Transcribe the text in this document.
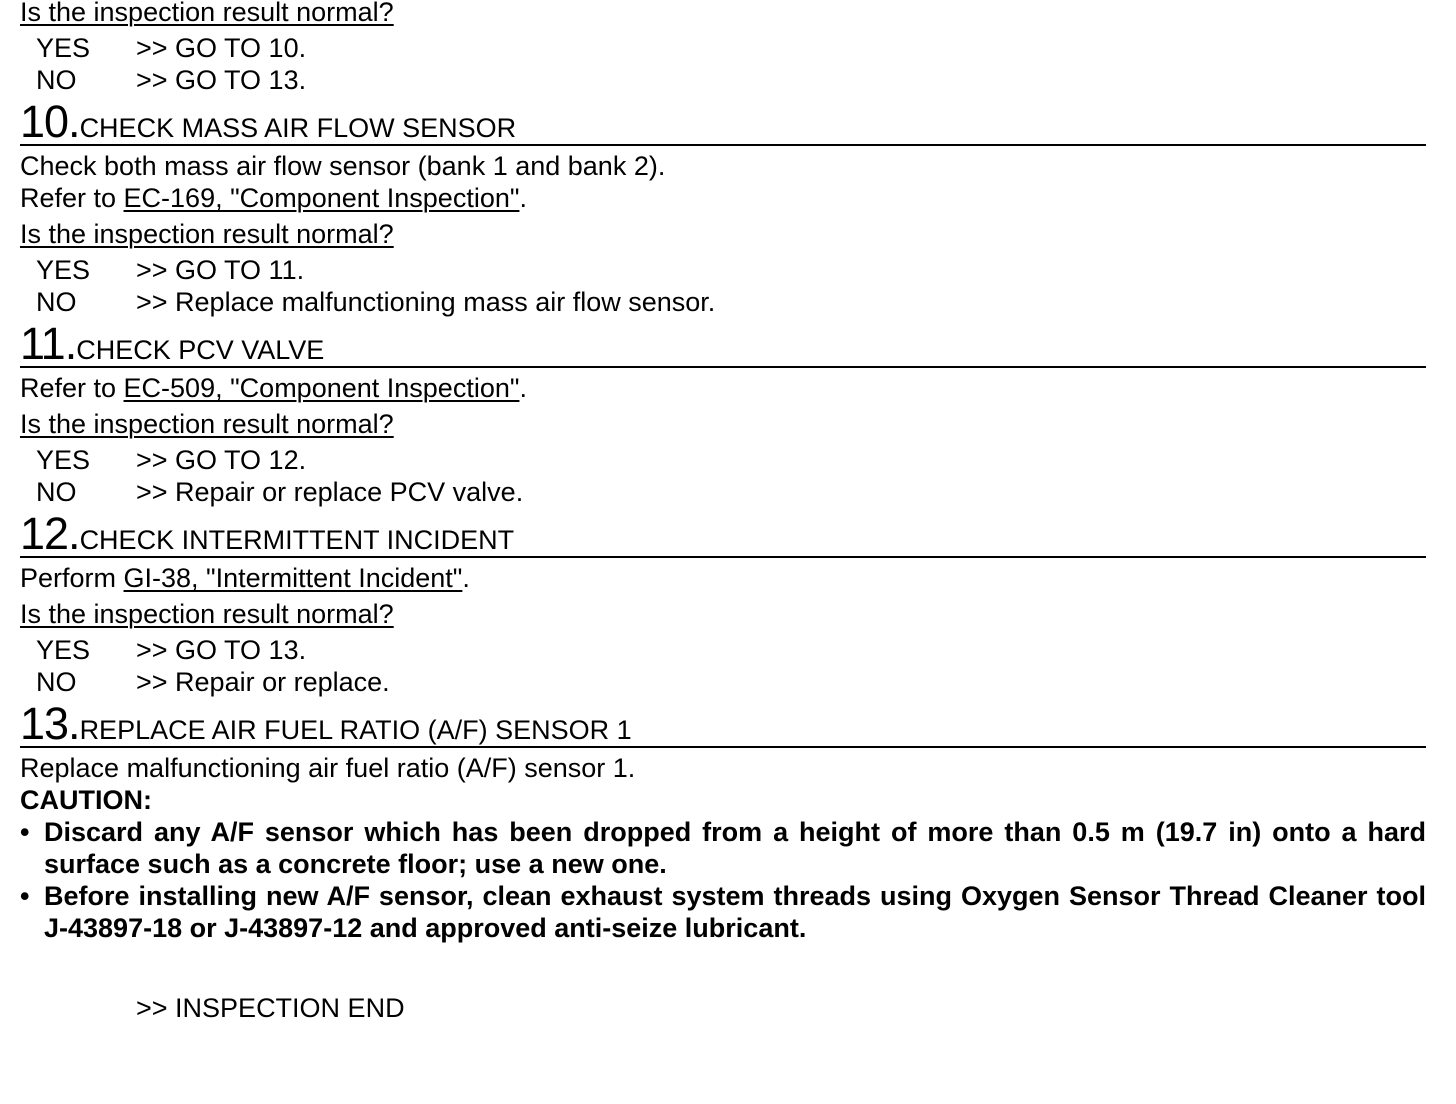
Is the inspection result normal?
YES	>> GO TO 10.
NO	>> GO TO 13.
10. CHECK MASS AIR FLOW SENSOR
Check both mass air flow sensor (bank 1 and bank 2).
Refer to EC-169, "Component Inspection".
Is the inspection result normal?
YES	>> GO TO 11.
NO	>> Replace malfunctioning mass air flow sensor.
11. CHECK PCV VALVE
Refer to EC-509, "Component Inspection".
Is the inspection result normal?
YES	>> GO TO 12.
NO	>> Repair or replace PCV valve.
12. CHECK INTERMITTENT INCIDENT
Perform GI-38, "Intermittent Incident".
Is the inspection result normal?
YES	>> GO TO 13.
NO	>> Repair or replace.
13. REPLACE AIR FUEL RATIO (A/F) SENSOR 1
Replace malfunctioning air fuel ratio (A/F) sensor 1.
CAUTION:
• Discard any A/F sensor which has been dropped from a height of more than 0.5 m (19.7 in) onto a hard surface such as a concrete floor; use a new one.
• Before installing new A/F sensor, clean exhaust system threads using Oxygen Sensor Thread Cleaner tool J-43897-18 or J-43897-12 and approved anti-seize lubricant.
>> INSPECTION END
